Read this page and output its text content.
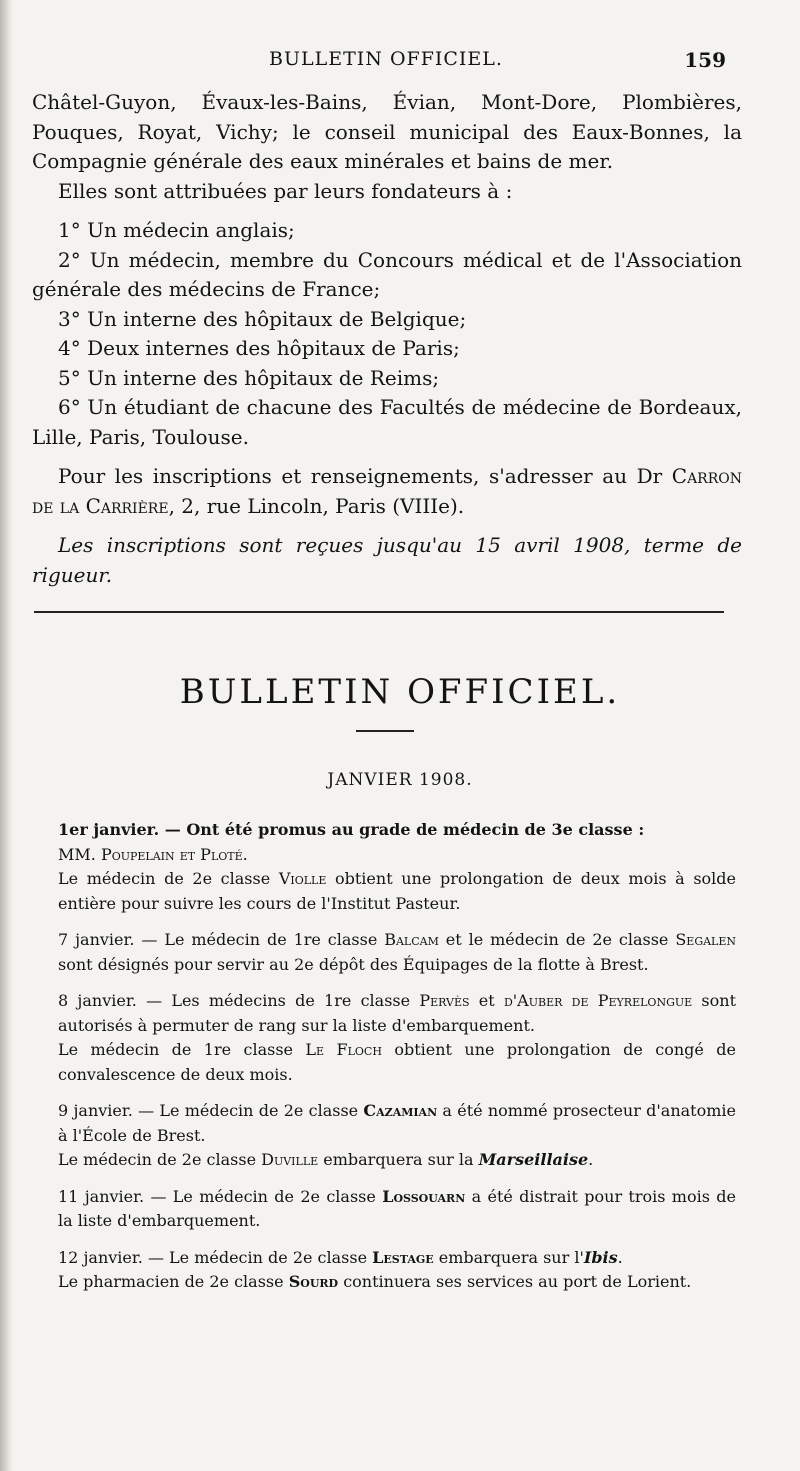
BULLETIN OFFICIEL.	159

Châtel-Guyon, Évaux-les-Bains, Évian, Mont-Dore, Plombières, Pouques, Royat, Vichy; le conseil municipal des Eaux-Bonnes, la Compagnie générale des eaux minérales et bains de mer.

Elles sont attribuées par leurs fondateurs à :

1° Un médecin anglais;

2° Un médecin, membre du Concours médical et de l'Association générale des médecins de France;

3° Un interne des hôpitaux de Belgique;

4° Deux internes des hôpitaux de Paris;

5° Un interne des hôpitaux de Reims;

6° Un étudiant de chacune des Facultés de médecine de Bordeaux, Lille, Paris, Toulouse.

Pour les inscriptions et renseignements, s'adresser au Dr Carron de la Carrière, 2, rue Lincoln, Paris (VIIIe).

Les inscriptions sont reçues jusqu'au 15 avril 1908, terme de rigueur.

BULLETIN OFFICIEL.
JANVIER 1908.

1er janvier. — Ont été promus au grade de médecin de 3e classe :

MM. Poupelain et Ploté.

Le médecin de 2e classe Violle obtient une prolongation de deux mois à solde entière pour suivre les cours de l'Institut Pasteur.

7 janvier. — Le médecin de 1re classe Balcam et le médecin de 2e classe Segalen sont désignés pour servir au 2e dépôt des Équipages de la flotte à Brest.

8 janvier. — Les médecins de 1re classe Pervès et d'Auber de Peyrelongue sont autorisés à permuter de rang sur la liste d'embarquement.

Le médecin de 1re classe Le Floch obtient une prolongation de congé de convalescence de deux mois.

9 janvier. — Le médecin de 2e classe Cazamian a été nommé prosecteur d'anatomie à l'École de Brest.

Le médecin de 2e classe Duville embarquera sur la Marseillaise.

11 janvier. — Le médecin de 2e classe Lossouarn a été distrait pour trois mois de la liste d'embarquement.

12 janvier. — Le médecin de 2e classe Lestage embarquera sur l'Ibis.

Le pharmacien de 2e classe Sourd continuera ses services au port de Lorient.
